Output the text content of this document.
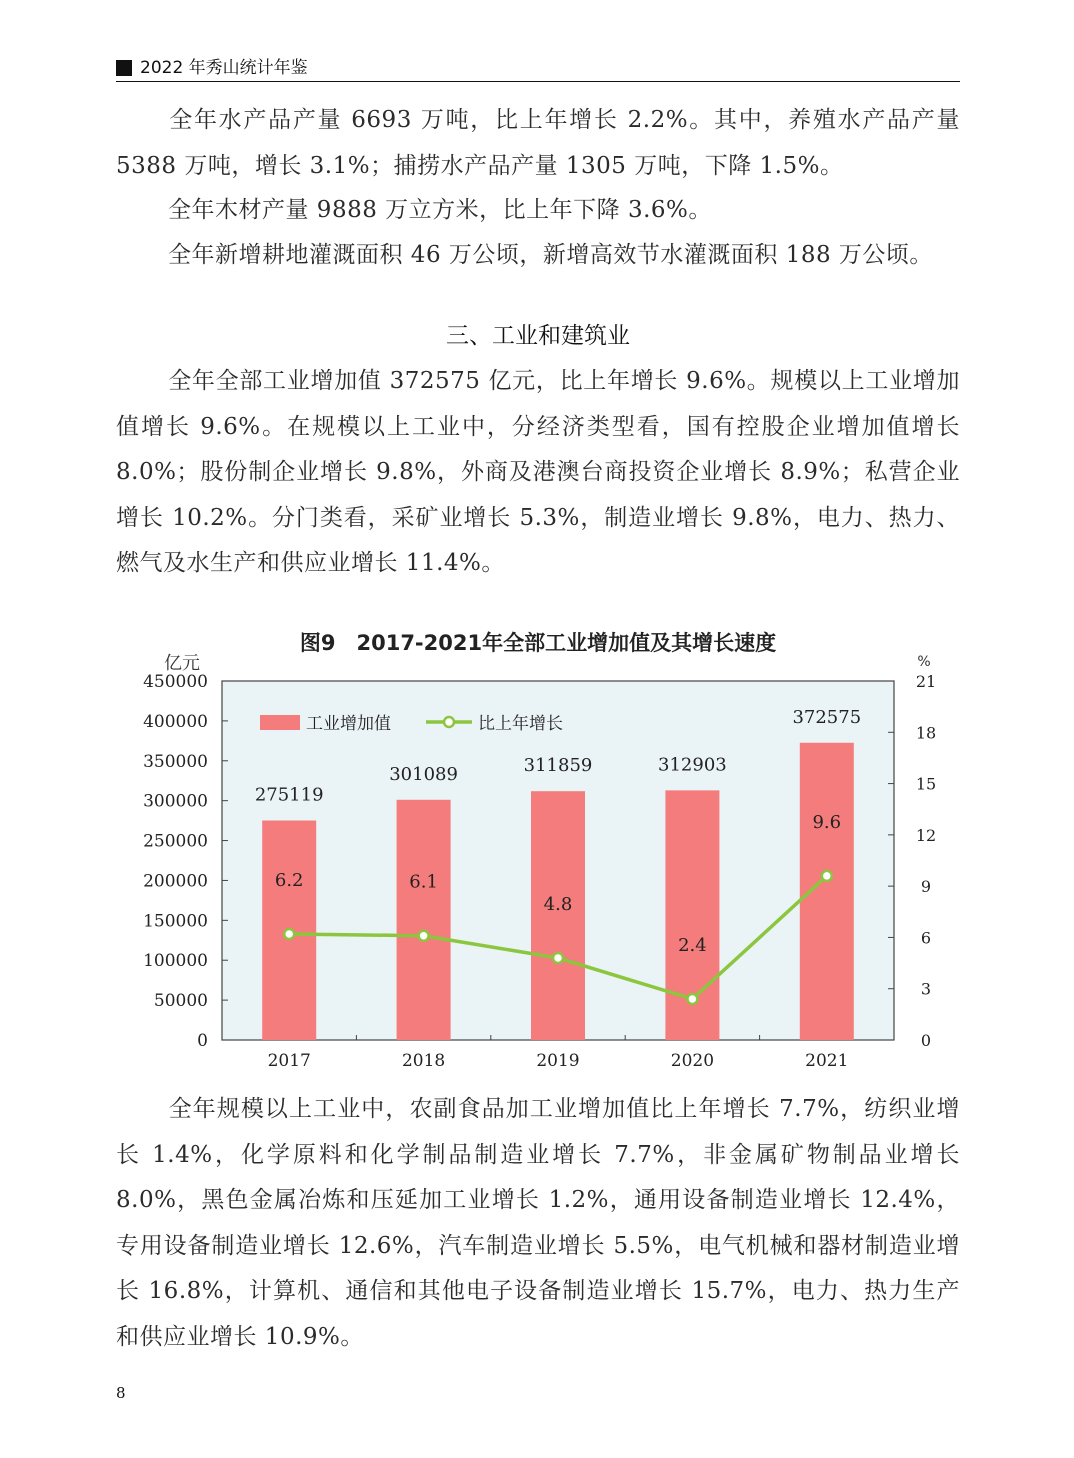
2022 年秀山统计年鉴
全年水产品产量 6693 万吨，比上年增长 2.2%。其中，养殖水产品产量 5388 万吨，增长 3.1%；捕捞水产品产量 1305 万吨，下降 1.5%。
全年木材产量 9888 万立方米，比上年下降 3.6%。
全年新增耕地灌溉面积 46 万公顷，新增高效节水灌溉面积 188 万公顷。
三、工业和建筑业
全年全部工业增加值 372575 亿元，比上年增长 9.6%。规模以上工业增加值增长 9.6%。在规模以上工业中，分经济类型看，国有控股企业增加值增长 8.0%；股份制企业增长 9.8%，外商及港澳台商投资企业增长 8.9%；私营企业增长 10.2%。分门类看，采矿业增长 5.3%，制造业增长 9.8%，电力、热力、燃气及水生产和供应业增长 11.4%。
图9　2017-2021年全部工业增加值及其增长速度
亿元	%
0
50000
100000
150000
200000
250000
300000
350000
400000
450000
0
3
6
9
12
15
18
21
2017	2018	2019	2020	2021
275119
301089	311859	312903
372575
6.2	6.1
4.8
2.4
9.6
工业增加值	比上年增长
全年规模以上工业中，农副食品加工业增加值比上年增长 7.7%，纺织业增长 1.4%，化学原料和化学制品制造业增长 7.7%，非金属矿物制品业增长 8.0%，黑色金属冶炼和压延加工业增长 1.2%，通用设备制造业增长 12.4%，专用设备制造业增长 12.6%，汽车制造业增长 5.5%，电气机械和器材制造业增长 16.8%，计算机、通信和其他电子设备制造业增长 15.7%，电力、热力生产和供应业增长 10.9%。
8
